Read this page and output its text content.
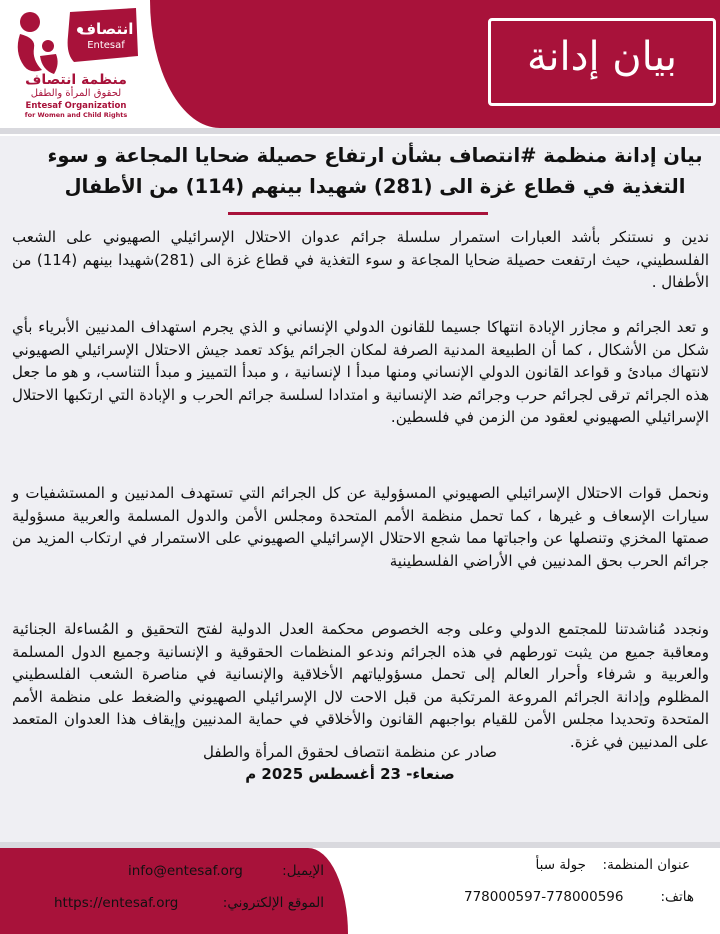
بيان إدانة
انتصاف
Entesaf
منظمة انتصاف
لحقوق المرأة والطفل
Entesaf Organization
for Women and Child Rights
بيان إدانة منظمة #انتصاف بشأن ارتفاع حصيلة ضحايا المجاعة و سوء التغذية في قطاع غزة الى (281) شهيدا بينهم (114) من الأطفال

ندين و نستنكر بأشد العبارات استمرار سلسلة جرائم عدوان الاحتلال الإسرائيلي الصهيوني على الشعب الفلسطيني، حيث ارتفعت حصيلة ضحايا المجاعة و سوء التغذية في قطاع غزة الى (281)شهيدا بينهم (114) من الأطفال .

و تعد الجرائم و مجازر الإبادة انتهاكا جسيما للقانون الدولي الإنساني و الذي يجرم استهداف المدنيين الأبرياء بأي شكل من الأشكال ، كما أن الطبيعة المدنية الصرفة لمكان الجرائم يؤكد تعمد جيش الاحتلال الإسرائيلي الصهيوني لانتهاك مبادئ و قواعد القانون الدولي الإنساني ومنها مبدأ ا لإنسانية ، و مبدأ التمييز و مبدأ التناسب، و هو ما جعل هذه الجرائم ترقى لجرائم حرب وجرائم ضد الإنسانية و امتدادا لسلسة جرائم الحرب و الإبادة التي ارتكبها الاحتلال الإسرائيلي الصهيوني لعقود من الزمن في فلسطين.

ونحمل قوات الاحتلال الإسرائيلي الصهيوني المسؤولية عن كل الجرائم التي تستهدف المدنيين و المستشفيات و سيارات الإسعاف و غيرها ، كما تحمل منظمة الأمم المتحدة ومجلس الأمن والدول المسلمة والعربية مسؤولية صمتها المخزي وتنصلها عن واجباتها مما شجع الاحتلال الإسرائيلي الصهيوني على الاستمرار في ارتكاب المزيد من جرائم الحرب بحق المدنيين في الأراضي الفلسطينية

ونجدد مُناشدتنا للمجتمع الدولي وعلى وجه الخصوص محكمة العدل الدولية لفتح التحقيق و المُساءلة الجنائية ومعاقبة جميع من يثبت تورطهم في هذه الجرائم وندعو المنظمات الحقوقية و الإنسانية وجميع الدول المسلمة والعربية و شرفاء وأحرار العالم إلى تحمل مسؤولياتهم الأخلاقية والإنسانية في مناصرة الشعب الفلسطيني المظلوم وإدانة الجرائم المروعة المرتكبة من قبل الاحت لال الإسرائيلي الصهيوني والضغط على منظمة الأمم المتحدة وتحديدا مجلس الأمن للقيام بواجبهم القانون والأخلاقي في حماية المدنيين وإيقاف هذا العدوان المتعمد على المدنيين في غزة.

صادر عن منظمة انتصاف لحقوق المرأة والطفل
صنعاء- 23 أغسطس 2025 م
الإيميل:
info@entesaf.org
الموقع الإلكتروني:
https://entesaf.org
عنوان المنظمة:
جولة سبأ
هاتف:
778000597-778000596
